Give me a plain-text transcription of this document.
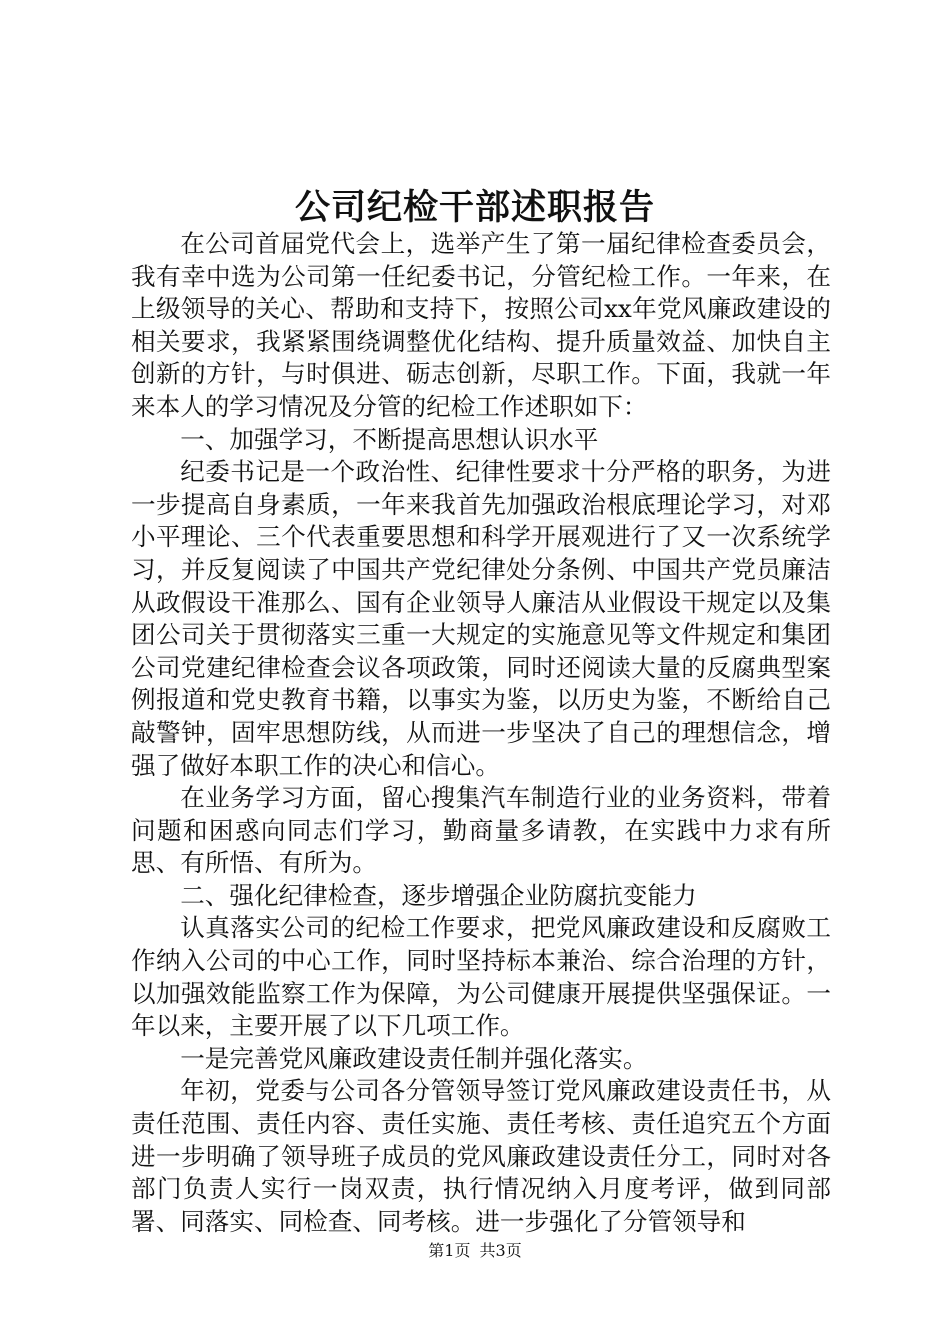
公司纪检干部述职报告

在公司首届党代会上，选举产生了第一届纪律检查委员会，我有幸中选为公司第一任纪委书记，分管纪检工作。一年来，在上级领导的关心、帮助和支持下，按照公司xx年党风廉政建设的相关要求，我紧紧围绕调整优化结构、提升质量效益、加快自主创新的方针，与时俱进、砺志创新，尽职工作。下面，我就一年来本人的学习情况及分管的纪检工作述职如下：

一、加强学习，不断提高思想认识水平

纪委书记是一个政治性、纪律性要求十分严格的职务，为进一步提高自身素质，一年来我首先加强政治根底理论学习，对邓小平理论、三个代表重要思想和科学开展观进行了又一次系统学习，并反复阅读了中国共产党纪律处分条例、中国共产党员廉洁从政假设干准那么、国有企业领导人廉洁从业假设干规定以及集团公司关于贯彻落实三重一大规定的实施意见等文件规定和集团公司党建纪律检查会议各项政策，同时还阅读大量的反腐典型案例报道和党史教育书籍，以事实为鉴，以历史为鉴，不断给自己敲警钟，固牢思想防线，从而进一步坚决了自己的理想信念，增强了做好本职工作的决心和信心。

在业务学习方面，留心搜集汽车制造行业的业务资料，带着问题和困惑向同志们学习，勤商量多请教，在实践中力求有所思、有所悟、有所为。

二、强化纪律检查，逐步增强企业防腐抗变能力

认真落实公司的纪检工作要求，把党风廉政建设和反腐败工作纳入公司的中心工作，同时坚持标本兼治、综合治理的方针，以加强效能监察工作为保障，为公司健康开展提供坚强保证。一年以来，主要开展了以下几项工作。

一是完善党风廉政建设责任制并强化落实。

年初，党委与公司各分管领导签订党风廉政建设责任书，从责任范围、责任内容、责任实施、责任考核、责任追究五个方面进一步明确了领导班子成员的党风廉政建设责任分工，同时对各部门负责人实行一岗双责，执行情况纳入月度考评，做到同部署、同落实、同检查、同考核。进一步强化了分管领导和

第1页 共3页
